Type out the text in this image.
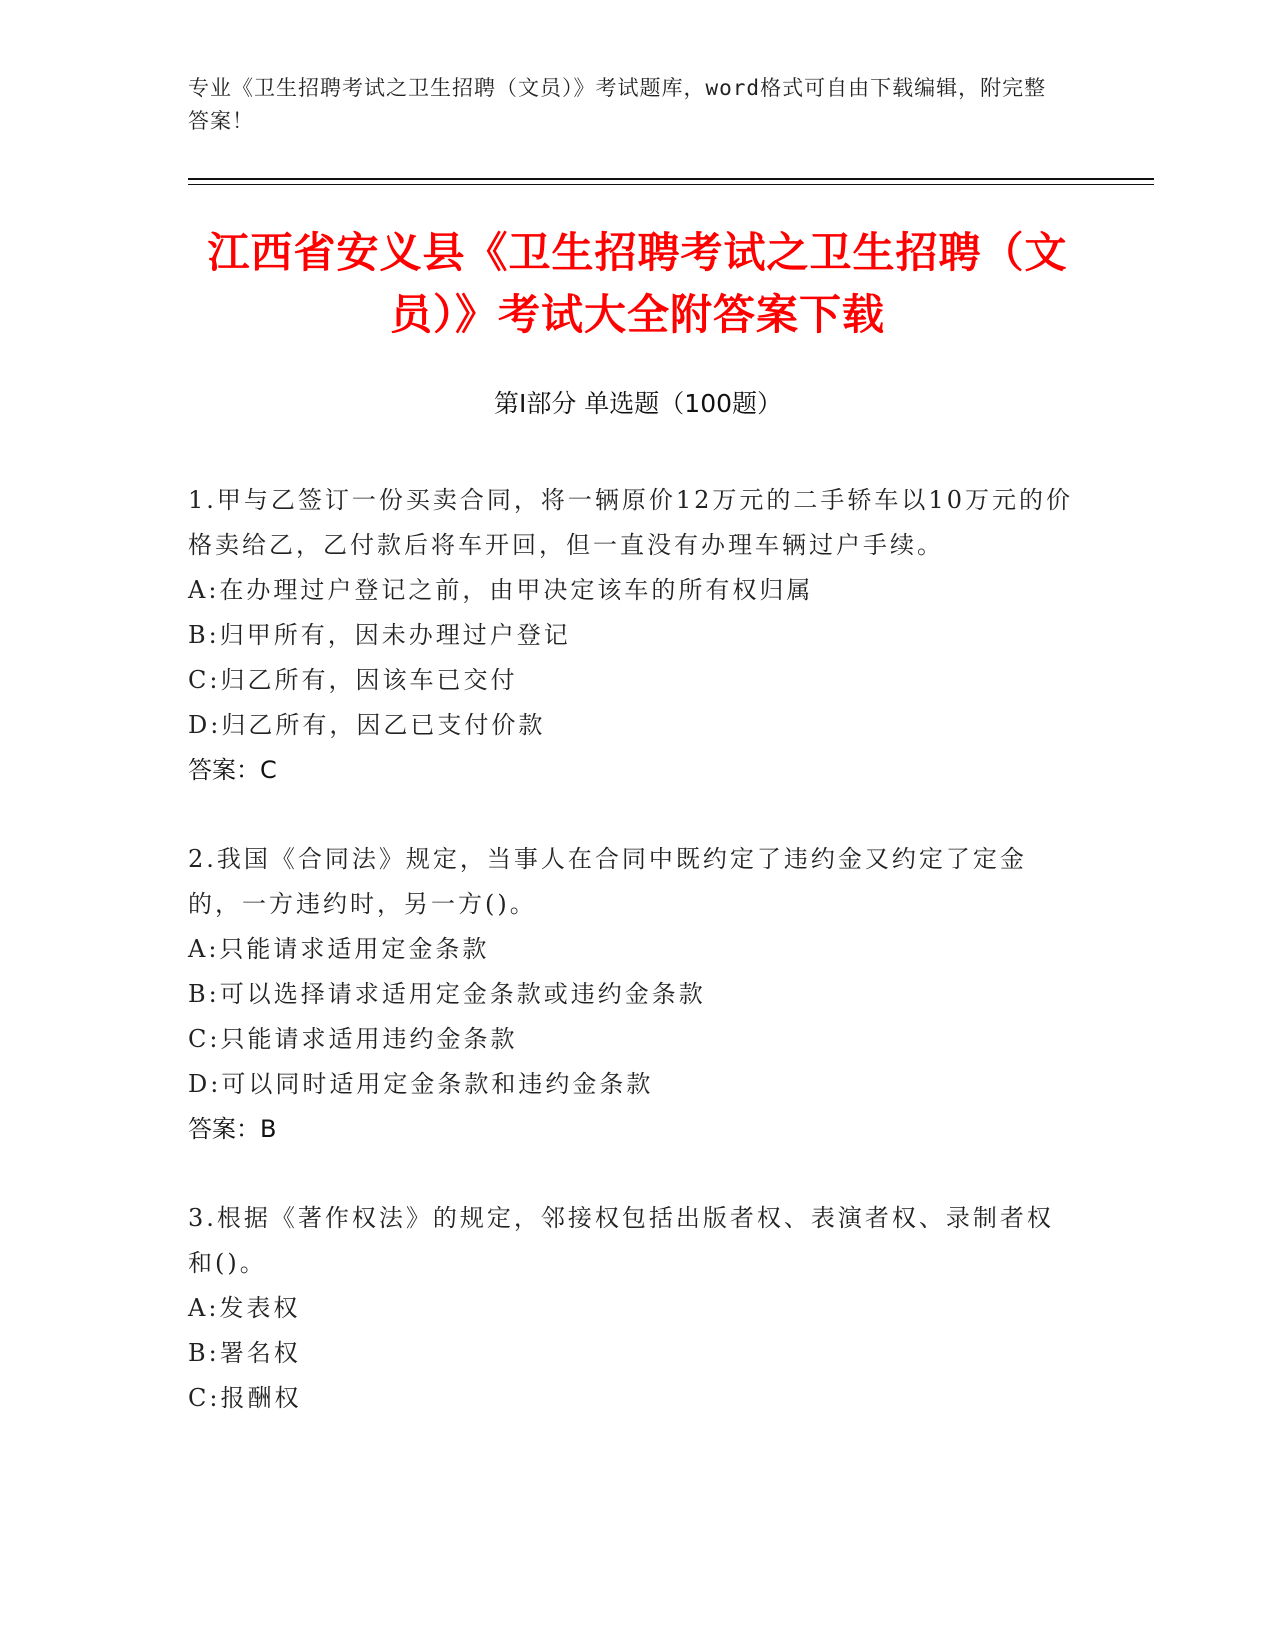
专业《卫生招聘考试之卫生招聘（文员）》考试题库，word格式可自由下载编辑，附完整答案！
江西省安义县《卫生招聘考试之卫生招聘（文员）》考试大全附答案下载
第Ⅰ部分 单选题（100题）

1.甲与乙签订一份买卖合同，将一辆原价12万元的二手轿车以10万元的价格卖给乙，乙付款后将车开回，但一直没有办理车辆过户手续。

A:在办理过户登记之前，由甲决定该车的所有权归属

B:归甲所有，因未办理过户登记

C:归乙所有，因该车已交付

D:归乙所有，因乙已支付价款

答案：C

2.我国《合同法》规定，当事人在合同中既约定了违约金又约定了定金的，一方违约时，另一方()。

A:只能请求适用定金条款

B:可以选择请求适用定金条款或违约金条款

C:只能请求适用违约金条款

D:可以同时适用定金条款和违约金条款

答案：B

3.根据《著作权法》的规定，邻接权包括出版者权、表演者权、录制者权和()。

A:发表权

B:署名权

C:报酬权
